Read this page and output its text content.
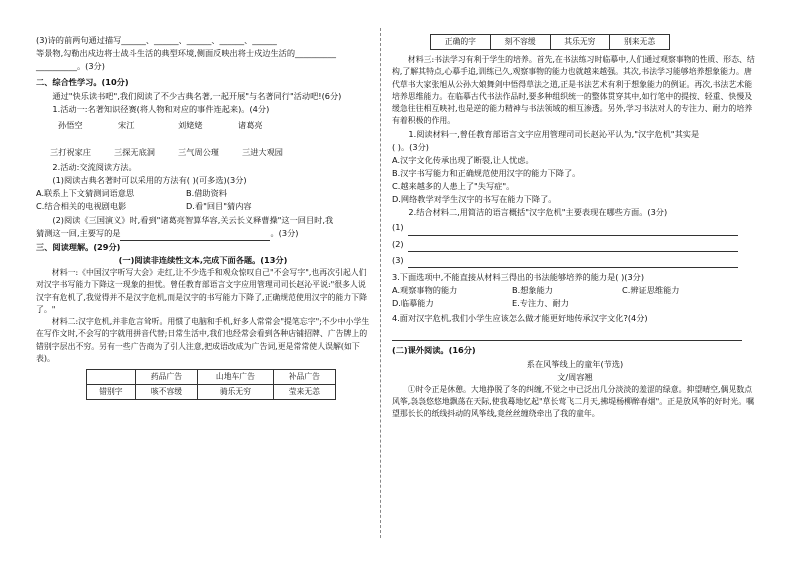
(3)诗的前两句通过描写______、______、______、______、______

等景物,勾勒出戍边将士战斗生活的典型环境,侧面反映出将士戍边生活的__________

__________。(3分)

二、综合性学习。(10分)

通过"快乐读书吧",我们阅读了不少古典名著,一起开展"与名著同行"活动吧!(6分)

1.活动一:名著知识径赛(将人物和对应的事件连起来)。(4分)

孙悟空	宋江	刘姥姥	诸葛亮
三打祝家庄	三探无底洞	三气周公瑾	三进大观园

2.活动:交流阅读方法。

(1)阅读古典名著时可以采用的方法有( )(可多选)(3分)

A.联系上下文猜测词语意思	B.借助资料
C.结合相关的电视剧电影	D.看"回目"猜内容

(2)阅读《三国演义》时,看到"诸葛亮智算华容,关云长义释曹操"这一回目时,我

猜测这一回,主要写的是	。(3分)

三、阅读理解。(29分)

(一)阅读非连续性文本,完成下面各题。(13分)

材料一:《中国汉字听写大会》走红,让不少选手和观众惊叹自己"不会写字",也再次引起人们对汉字书写能力下降这一现象的担忧。曾任教育部语言文字应用管理司司长赵沁平说:"很多人说汉字有危机了,我觉得并不是汉字危机,而是汉字的书写能力下降了,正确规范使用汉字的能力下降了。"

材料二:汉字危机,并非危言耸听。用惯了电脑和手机,好多人常常会"提笔忘字";不少中小学生在写作文时,不会写的字就用拼音代替;日常生活中,我们也经常会看到各种店铺招牌、广告牌上的错别字层出不穷。另有一些广告商为了引人注意,把成语改成为广告词,更是常常使人误解(如下表)。

	药品广告	山地车广告	补品广告
错别字	咳不容缓	骑乐无穷	莹来无恙
正确的字	刻不容缓	其乐无穷	别来无恙

材料三:书法学习有利于学生的培养。首先,在书法练习时临摹中,人们通过观察事物的性质、形态、结构,了解其特点,心摹手追,训练已久,观察事物的能力也就越来越强。其次,书法学习能够培养想象能力。唐代草书大家张旭从公孙大娘舞剑中悟得草法之道,正是书法艺术有利于想象能力的例证。再次,书法艺术能培养思维能力。在临摹古代书法作品时,要多种组织统一的整体贯穿其中,如行笔中的提按、轻重、快慢及缓急往往相互映衬,也是逆的能力精神与书法领域的相互渗透。另外,学习书法对人的专注力、耐力的培养有着积极的作用。

1.阅读材料一,曾任教育部语言文字应用管理司司长赵沁平认为,"汉字危机"其实是

( )。(3分)

A.汉字文化传承出现了断裂,让人忧虑。

B.汉字书写能力和正确规范使用汉字的能力下降了。

C.越来越多的人患上了"失写症"。

D.网络教学对学生汉字的书写在能力下降了。

2.结合材料二,用简洁的语言概括"汉字危机"主要表现在哪些方面。(3分)

(1)

(2)

(3)

3.下面选项中,不能直接从材料三得出的书法能够培养的能力是( )(3分)

A.观察事物的能力	B.想象能力	C.辨证思维能力
D.临摹能力	E.专注力、耐力

4.面对汉字危机,我们小学生应该怎么做才能更好地传承汉字文化?(4分)

(二)课外阅读。(16分)

系在风筝线上的童年(节选)

文/周容翘

①时令正是休憩。大地挣脱了冬的纠缠,不觉之中已泛出几分淡淡的羞涩的绿意。抑望晴空,偶见数点风筝,袅袅悠悠地飘荡在天际,使我蓦地忆起"草长莺飞二月天,拂堤杨柳醉春烟"。正是放风筝的好时光。嘱望那长长的纸线抖动的风筝线,竟丝丝缠绕牵出了我的童年。
